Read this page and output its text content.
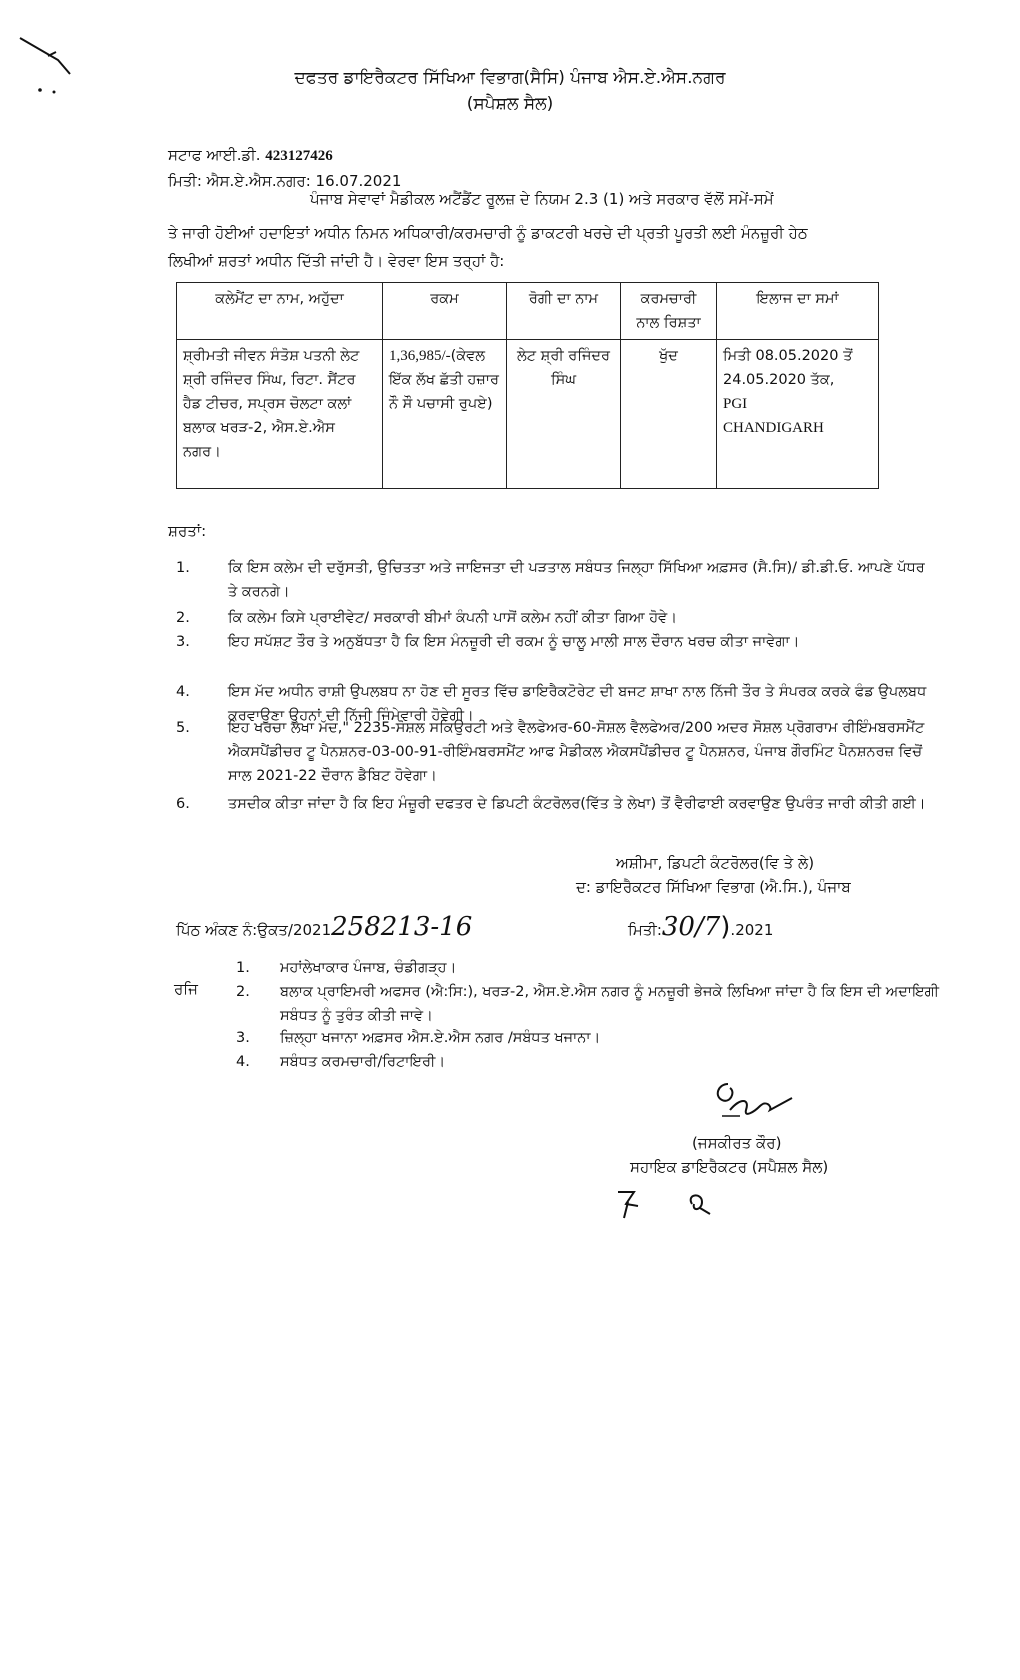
ਦਫਤਰ ਡਾਇਰੈਕਟਰ ਸਿੱਖਿਆ ਵਿਭਾਗ(ਸੈਸਿ) ਪੰਜਾਬ ਐਸ.ਏ.ਐਸ.ਨਗਰ
(ਸਪੈਸ਼ਲ ਸੈਲ)
ਸਟਾਫ ਆਈ.ਡੀ. 423127426
ਮਿਤੀ: ਐਸ.ਏ.ਐਸ.ਨਗਰ: 16.07.2021
ਪੰਜਾਬ ਸੇਵਾਵਾਂ ਮੈਡੀਕਲ ਅਟੈਂਡੈਂਟ ਰੂਲਜ਼ ਦੇ ਨਿਯਮ 2.3 (1) ਅਤੇ ਸਰਕਾਰ ਵੱਲੋਂ ਸਮੇਂ-ਸਮੇਂ
ਤੇ ਜਾਰੀ ਹੋਈਆਂ ਹਦਾਇਤਾਂ ਅਧੀਨ ਨਿਮਨ ਅਧਿਕਾਰੀ/ਕਰਮਚਾਰੀ ਨੂੰ ਡਾਕਟਰੀ ਖਰਚੇ ਦੀ ਪ੍ਰਤੀ ਪੂਰਤੀ ਲਈ ਮੰਨਜ਼ੂਰੀ ਹੇਠ
ਲਿਖੀਆਂ ਸ਼ਰਤਾਂ ਅਧੀਨ ਦਿੱਤੀ ਜਾਂਦੀ ਹੈ। ਵੇਰਵਾ ਇਸ ਤਰ੍ਹਾਂ ਹੈ:
ਕਲੇਮੈਂਟ ਦਾ ਨਾਮ, ਅਹੁੱਦਾ	ਰਕਮ	ਰੋਗੀ ਦਾ ਨਾਮ	ਕਰਮਚਾਰੀ ਨਾਲ ਰਿਸ਼ਤਾ	ਇਲਾਜ ਦਾ ਸਮਾਂ
ਸ਼੍ਰੀਮਤੀ ਜੀਵਨ ਸੰਤੋਸ਼ ਪਤਨੀ ਲੇਟ ਸ਼੍ਰੀ ਰਜਿੰਦਰ ਸਿੰਘ, ਰਿਟਾ. ਸੈਂਟਰ ਹੈਡ ਟੀਚਰ, ਸਪ੍ਰਸ ਚੋਲਟਾ ਕਲਾਂ ਬਲਾਕ ਖਰੜ-2, ਐਸ.ਏ.ਐਸ ਨਗਰ।	1,36,985/-(ਕੇਵਲ ਇੱਕ ਲੱਖ ਛੱਤੀ ਹਜ਼ਾਰ ਨੌ ਸੌ ਪਚਾਸੀ ਰੁਪਏ)	ਲੇਟ ਸ਼੍ਰੀ ਰਜਿੰਦਰ ਸਿੰਘ	ਖੁੱਦ	ਮਿਤੀ 08.05.2020 ਤੋਂ 24.05.2020 ਤੱਕ,
PGI CHANDIGARH
ਸ਼ਰਤਾਂ:
1.	ਕਿ ਇਸ ਕਲੇਮ ਦੀ ਦਰੁੱਸਤੀ, ਉਚਿਤਤਾ ਅਤੇ ਜਾਇਜਤਾ ਦੀ ਪੜਤਾਲ ਸਬੰਧਤ ਜਿਲ੍ਹਾ ਸਿੱਖਿਆ ਅਫ਼ਸਰ (ਸੈ.ਸਿ)/ ਡੀ.ਡੀ.ਓ. ਆਪਣੇ ਪੱਧਰ ਤੇ ਕਰਨਗੇ।
2.	ਕਿ ਕਲੇਮ ਕਿਸੇ ਪ੍ਰਾਈਵੇਟ/ ਸਰਕਾਰੀ ਬੀਮਾਂ ਕੰਪਨੀ ਪਾਸੋਂ ਕਲੇਮ ਨਹੀਂ ਕੀਤਾ ਗਿਆ ਹੋਵੇ।
3.	ਇਹ ਸਪੱਸ਼ਟ ਤੌਰ ਤੇ ਅਨੁਬੱਧਤਾ ਹੈ ਕਿ ਇਸ ਮੰਨਜ਼ੂਰੀ ਦੀ ਰਕਮ ਨੂੰ ਚਾਲੂ ਮਾਲੀ ਸਾਲ ਦੌਰਾਨ ਖਰਚ ਕੀਤਾ ਜਾਵੇਗਾ।
4.	ਇਸ ਮੱਦ ਅਧੀਨ ਰਾਸ਼ੀ ਉਪਲਬਧ ਨਾ ਹੋਣ ਦੀ ਸੂਰਤ ਵਿੱਚ ਡਾਇਰੈਕਟੋਰੇਟ ਦੀ ਬਜਟ ਸ਼ਾਖਾ ਨਾਲ ਨਿੱਜੀ ਤੌਰ ਤੇ ਸੰਪਰਕ ਕਰਕੇ ਫੰਡ ਉਪਲਬਧ ਕਰਵਾਉਣਾ ਉਹਨਾਂ ਦੀ ਨਿੱਜੀ ਜਿੰਮੇਵਾਰੀ ਹੋਵੇਗੀ।
5.	ਇਹ ਖਰਚਾ ਲੇਖਾ ਮੱਦ," 2235-ਸੋਸ਼ਲ ਸਕਿਉਰਟੀ ਅਤੇ ਵੈਲਫੇਅਰ-60-ਸੋਸ਼ਲ ਵੈਲਫੇਅਰ/200 ਅਦਰ ਸੋਸ਼ਲ ਪ੍ਰੋਗਰਾਮ ਰੀਇੰਮਬਰਸਮੈਂਟ ਐਕਸਪੈਂਡੀਚਰ ਟੂ ਪੈਨਸ਼ਨਰ-03-00-91-ਰੀਇੰਮਬਰਸਮੈਂਟ ਆਫ ਮੈਡੀਕਲ ਐਕਸਪੈਂਡੀਚਰ ਟੂ ਪੈਨਸ਼ਨਰ, ਪੰਜਾਬ ਗੌਰਮਿੰਟ ਪੈਨਸ਼ਨਰਜ਼ ਵਿਚੋਂ ਸਾਲ 2021-22 ਦੌਰਾਨ ਡੈਬਿਟ ਹੋਵੇਗਾ।
6.	ਤਸਦੀਕ ਕੀਤਾ ਜਾਂਦਾ ਹੈ ਕਿ ਇਹ ਮੰਜ਼ੂਰੀ ਦਫਤਰ ਦੇ ਡਿਪਟੀ ਕੰਟਰੋਲਰ(ਵਿੱਤ ਤੇ ਲੇਖਾ) ਤੋਂ ਵੈਰੀਫਾਈ ਕਰਵਾਉਣ ਉਪਰੰਤ ਜਾਰੀ ਕੀਤੀ ਗਈ।
ਅਸ਼ੀਮਾ, ਡਿਪਟੀ ਕੰਟਰੋਲਰ(ਵਿ ਤੇ ਲੇ)
ਦ: ਡਾਇਰੈਕਟਰ ਸਿੱਖਿਆ ਵਿਭਾਗ (ਐ.ਸਿ.), ਪੰਜਾਬ
ਪਿੱਠ ਅੰਕਣ ਨੰ:ਉਕਤ/2021258213-16	ਮਿਤੀ:30/7).2021
ਰਜਿ
1.	ਮਹਾਂਲੇਖਾਕਾਰ ਪੰਜਾਬ, ਚੰਡੀਗੜ੍ਹ।
2.	ਬਲਾਕ ਪ੍ਰਾਇਮਰੀ ਅਫਸਰ (ਐ:ਸਿ:), ਖਰੜ-2, ਐਸ.ਏ.ਐਸ ਨਗਰ ਨੂੰ ਮਨਜ਼ੂਰੀ ਭੇਜਕੇ ਲਿਖਿਆ ਜਾਂਦਾ ਹੈ ਕਿ ਇਸ ਦੀ ਅਦਾਇਗੀ ਸਬੰਧਤ ਨੂੰ ਤੁਰੰਤ ਕੀਤੀ ਜਾਵੇ।
3.	ਜ਼ਿਲ੍ਹਾ ਖਜਾਨਾ ਅਫ਼ਸਰ ਐਸ.ਏ.ਐਸ ਨਗਰ /ਸਬੰਧਤ ਖਜਾਨਾ।
4.	ਸਬੰਧਤ ਕਰਮਚਾਰੀ/ਰਿਟਾਇਰੀ।
(ਜਸਕੀਰਤ ਕੌਰ)
ਸਹਾਇਕ ਡਾਇਰੈਕਟਰ (ਸਪੈਸ਼ਲ ਸੈਲ)
